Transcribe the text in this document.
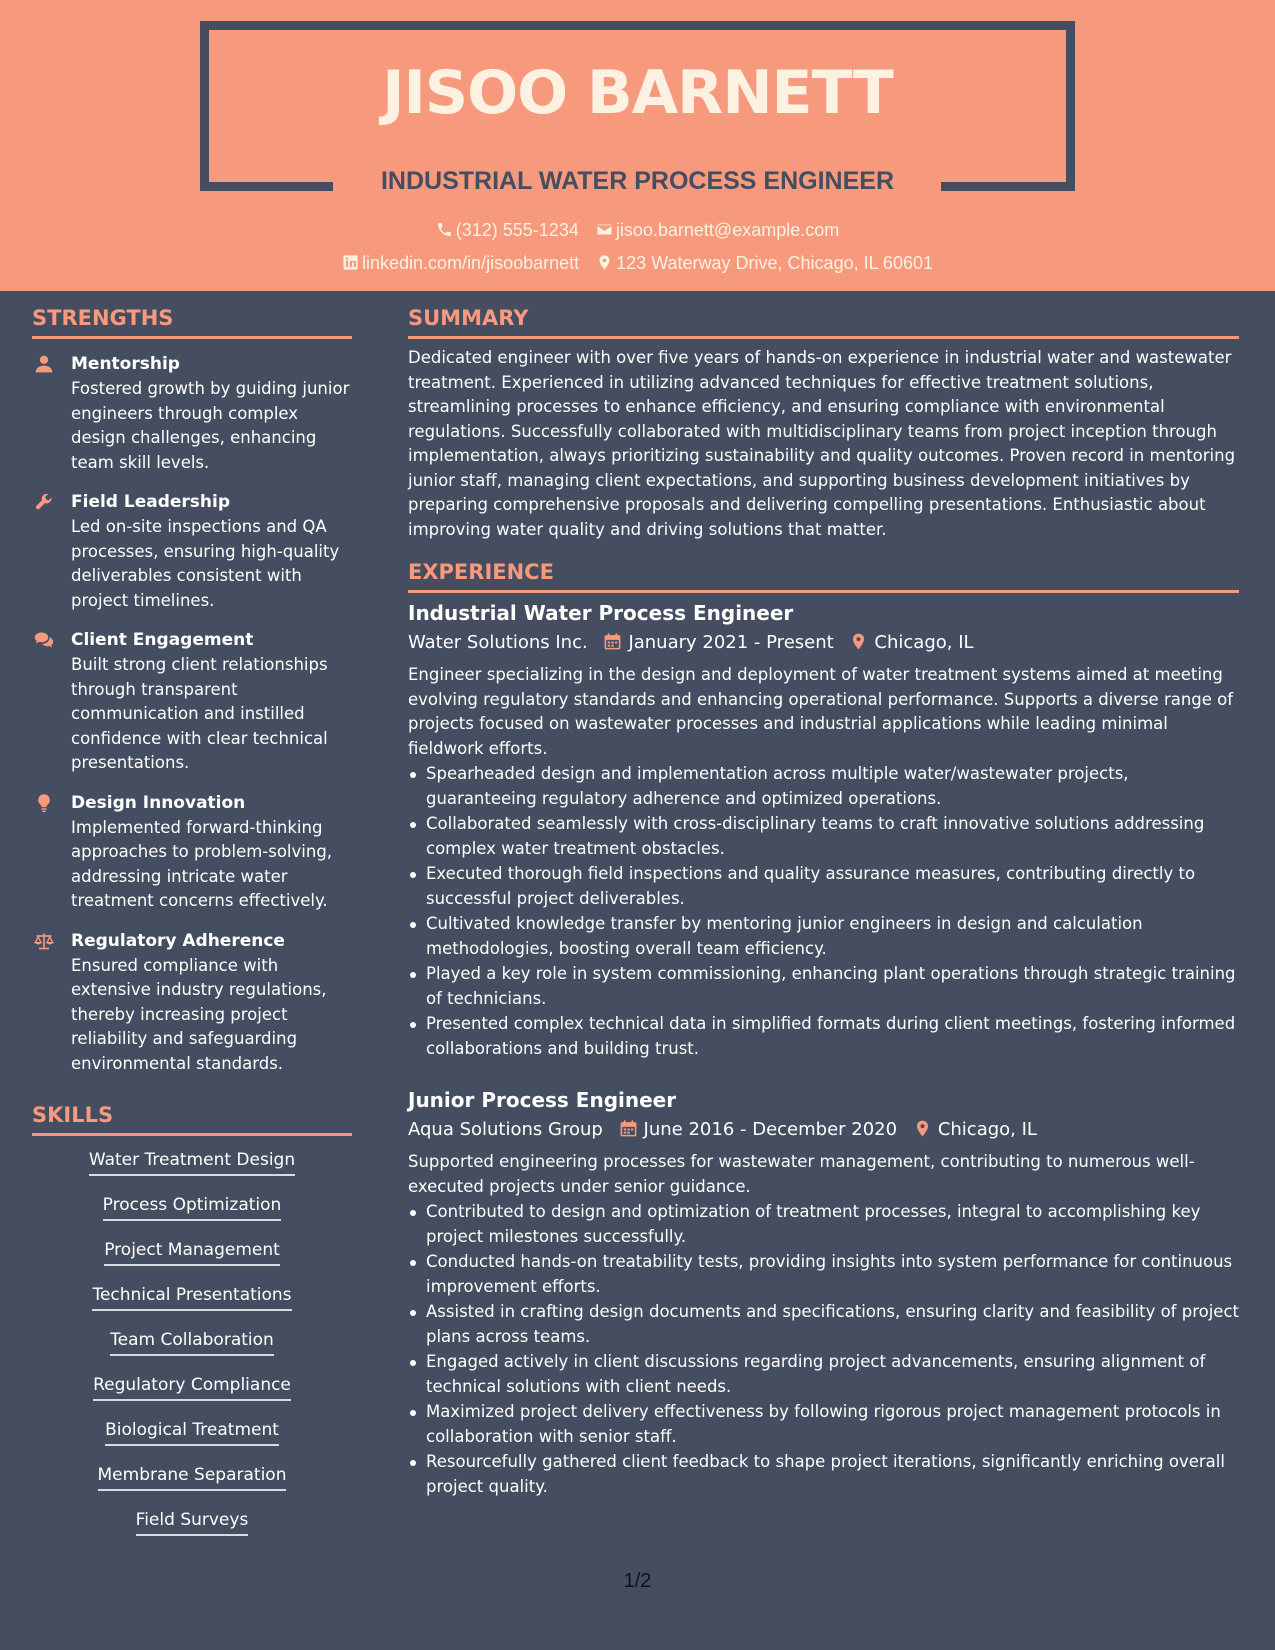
JISOO BARNETT
INDUSTRIAL WATER PROCESS ENGINEER
(312) 555-1234 jisoo.barnett@example.com
linkedin.com/in/jisoobarnett 123 Waterway Drive, Chicago, IL 60601
STRENGTHS
Mentorship
Fostered growth by guiding junior engineers through complex design challenges, enhancing team skill levels.
Field Leadership
Led on-site inspections and QA processes, ensuring high-quality deliverables consistent with project timelines.
Client Engagement
Built strong client relationships through transparent communication and instilled confidence with clear technical presentations.
Design Innovation
Implemented forward-thinking approaches to problem-solving, addressing intricate water treatment concerns effectively.
Regulatory Adherence
Ensured compliance with extensive industry regulations, thereby increasing project reliability and safeguarding environmental standards.
SKILLS
Water Treatment Design
Process Optimization
Project Management
Technical Presentations
Team Collaboration
Regulatory Compliance
Biological Treatment
Membrane Separation
Field Surveys
SUMMARY
Dedicated engineer with over five years of hands-on experience in industrial water and wastewater treatment. Experienced in utilizing advanced techniques for effective treatment solutions, streamlining processes to enhance efficiency, and ensuring compliance with environmental regulations. Successfully collaborated with multidisciplinary teams from project inception through implementation, always prioritizing sustainability and quality outcomes. Proven record in mentoring junior staff, managing client expectations, and supporting business development initiatives by preparing comprehensive proposals and delivering compelling presentations. Enthusiastic about improving water quality and driving solutions that matter.
EXPERIENCE
Industrial Water Process Engineer
Water Solutions Inc. January 2021 - Present Chicago, IL
Engineer specializing in the design and deployment of water treatment systems aimed at meeting evolving regulatory standards and enhancing operational performance. Supports a diverse range of projects focused on wastewater processes and industrial applications while leading minimal fieldwork efforts.
Spearheaded design and implementation across multiple water/wastewater projects, guaranteeing regulatory adherence and optimized operations.
Collaborated seamlessly with cross-disciplinary teams to craft innovative solutions addressing complex water treatment obstacles.
Executed thorough field inspections and quality assurance measures, contributing directly to successful project deliverables.
Cultivated knowledge transfer by mentoring junior engineers in design and calculation methodologies, boosting overall team efficiency.
Played a key role in system commissioning, enhancing plant operations through strategic training of technicians.
Presented complex technical data in simplified formats during client meetings, fostering informed collaborations and building trust.
Junior Process Engineer
Aqua Solutions Group June 2016 - December 2020 Chicago, IL
Supported engineering processes for wastewater management, contributing to numerous well-executed projects under senior guidance.
Contributed to design and optimization of treatment processes, integral to accomplishing key project milestones successfully.
Conducted hands-on treatability tests, providing insights into system performance for continuous improvement efforts.
Assisted in crafting design documents and specifications, ensuring clarity and feasibility of project plans across teams.
Engaged actively in client discussions regarding project advancements, ensuring alignment of technical solutions with client needs.
Maximized project delivery effectiveness by following rigorous project management protocols in collaboration with senior staff.
Resourcefully gathered client feedback to shape project iterations, significantly enriching overall project quality.
1/2
